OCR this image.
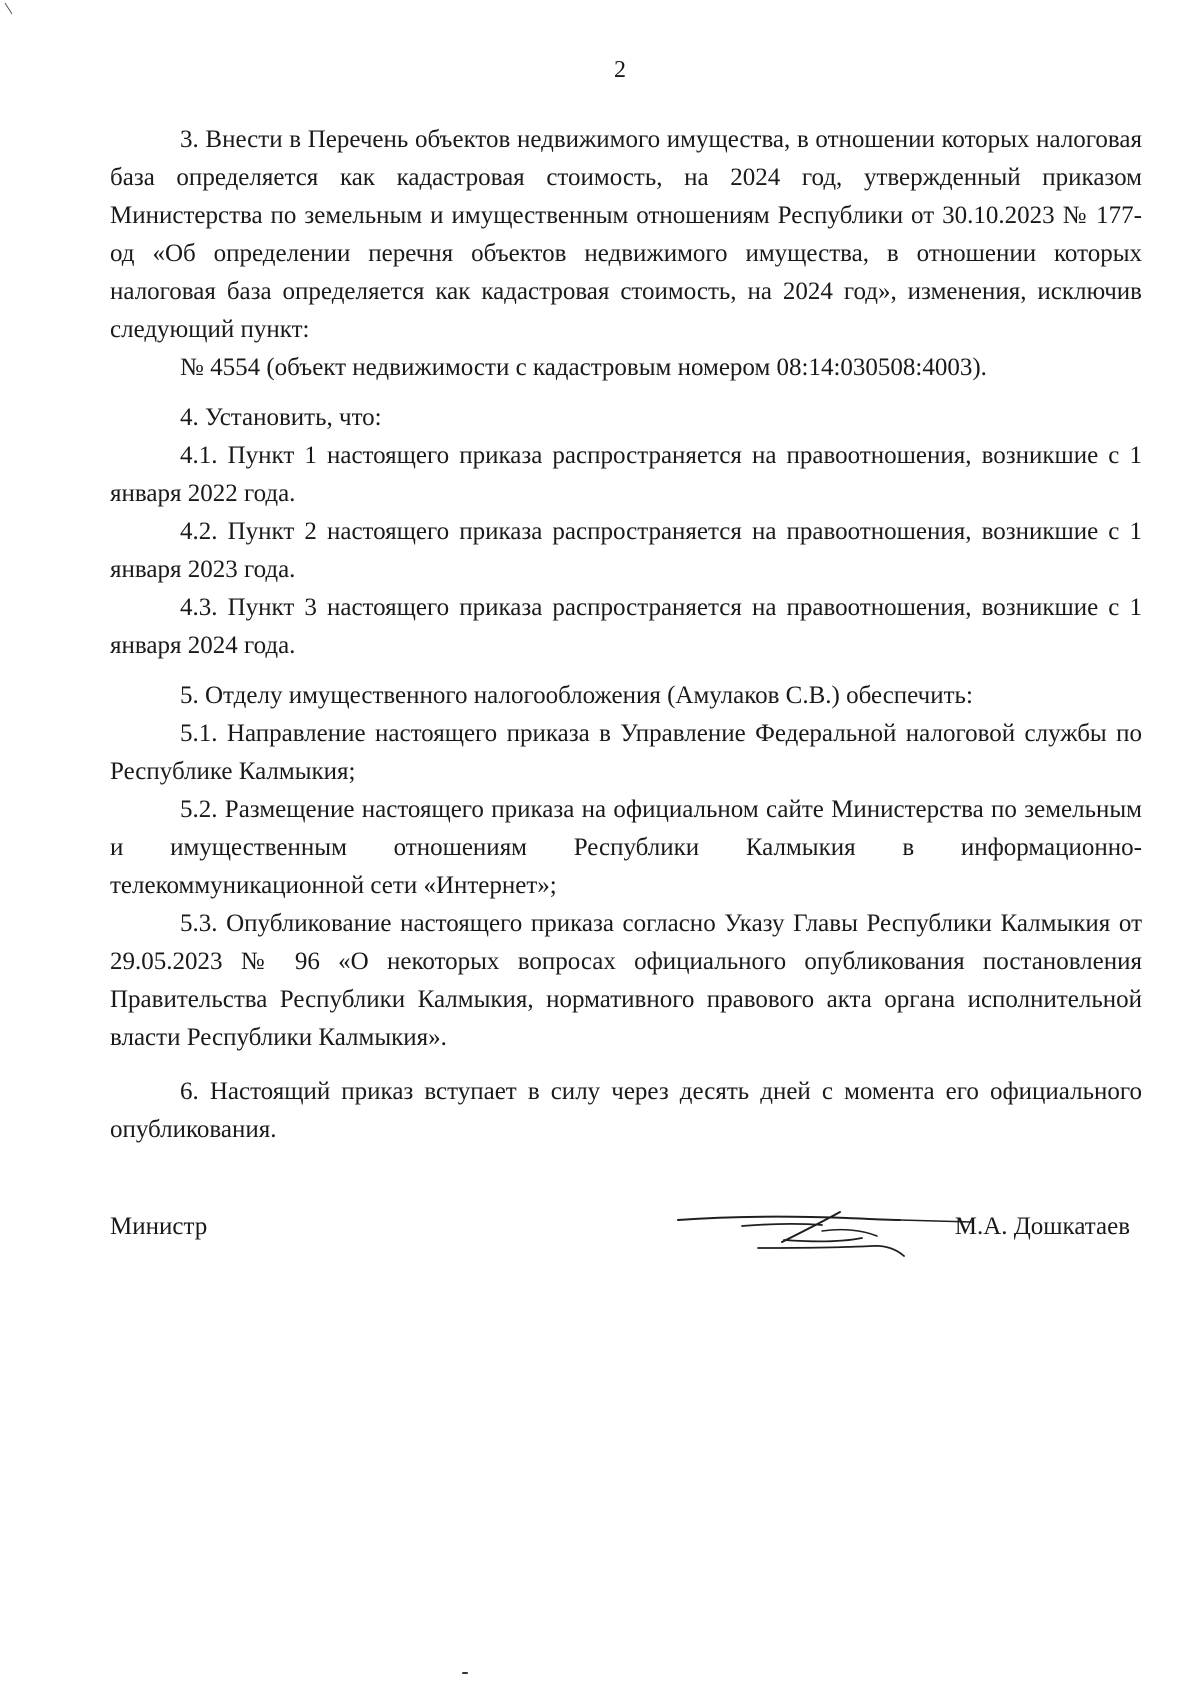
2

3. Внести в Перечень объектов недвижимого имущества, в отношении которых налоговая база определяется как кадастровая стоимость, на 2024 год, утвержденный приказом Министерства по земельным и имущественным отношениям Республики от 30.10.2023 № 177-од «Об определении перечня объектов недвижимого имущества, в отношении которых налоговая база определяется как кадастровая стоимость, на 2024 год», изменения, исключив следующий пункт:

№ 4554 (объект недвижимости с кадастровым номером 08:14:030508:4003).

4. Установить, что:

4.1. Пункт 1 настоящего приказа распространяется на правоотношения, возникшие с 1 января 2022 года.

4.2. Пункт 2 настоящего приказа распространяется на правоотношения, возникшие с 1 января 2023 года.

4.3. Пункт 3 настоящего приказа распространяется на правоотношения, возникшие с 1 января 2024 года.

5. Отделу имущественного налогообложения (Амулаков С.В.) обеспечить:

5.1. Направление настоящего приказа в Управление Федеральной налоговой службы по Республике Калмыкия;

5.2. Размещение настоящего приказа на официальном сайте Министерства по земельным и имущественным отношениям Республики Калмыкия в информационно-телекоммуникационной сети «Интернет»;

5.3. Опубликование настоящего приказа согласно Указу Главы Республики Калмыкия от 29.05.2023 № 96 «О некоторых вопросах официального опубликования постановления Правительства Республики Калмыкия, нормативного правового акта органа исполнительной власти Республики Калмыкия».

6. Настоящий приказ вступает в силу через десять дней с момента его официального опубликования.

Министр	М.А. Дошкатаев
